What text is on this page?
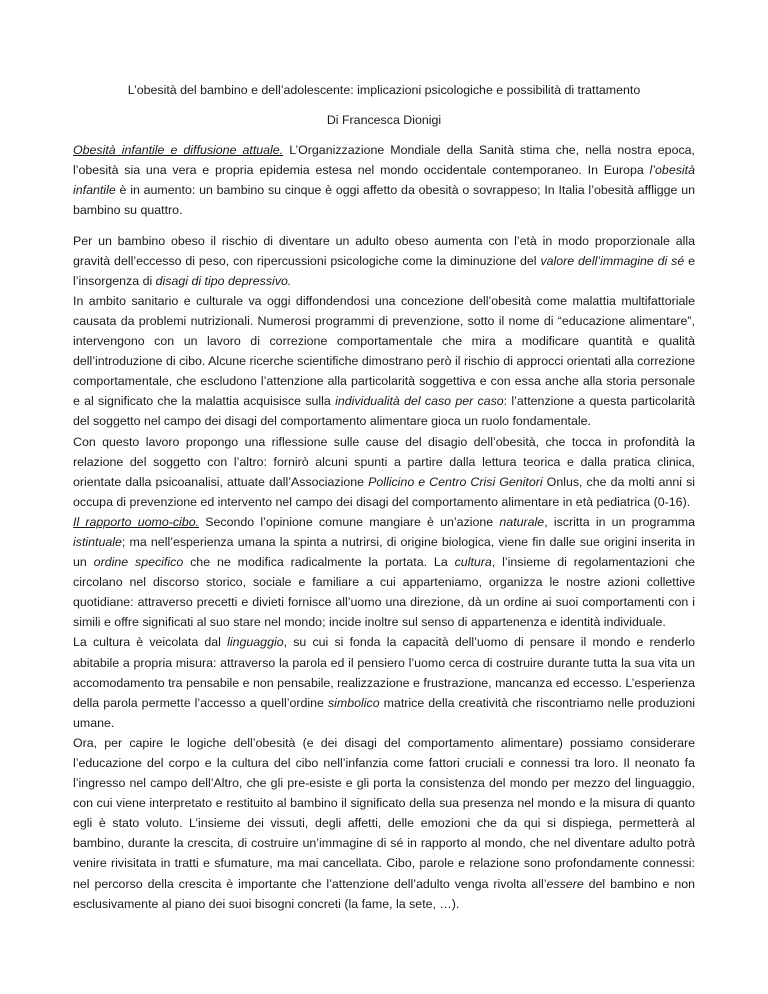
L’obesità del bambino e dell’adolescente: implicazioni psicologiche e possibilità di trattamento

Di Francesca Dionigi

Obesità infantile e diffusione attuale. L’Organizzazione Mondiale della Sanità stima che, nella nostra epoca, l’obesità sia una vera e propria epidemia estesa nel mondo occidentale contemporaneo. In Europa l’obesità infantile è in aumento: un bambino su cinque è oggi affetto da obesità o sovrappeso; In Italia l’obesità affligge un bambino su quattro.

Per un bambino obeso il rischio di diventare un adulto obeso aumenta con l’età in modo proporzionale alla gravità dell’eccesso di peso, con ripercussioni psicologiche come la diminuzione del valore dell’immagine di sé e l’insorgenza di disagi di tipo depressivo.

In ambito sanitario e culturale va oggi diffondendosi una concezione dell’obesità come malattia multifattoriale causata da problemi nutrizionali. Numerosi programmi di prevenzione, sotto il nome di “educazione alimentare”, intervengono con un lavoro di correzione comportamentale che mira a modificare quantità e qualità dell’introduzione di cibo. Alcune ricerche scientifiche dimostrano però il rischio di approcci orientati alla correzione comportamentale, che escludono l’attenzione alla particolarità soggettiva e con essa anche alla storia personale e al significato che la malattia acquisisce sulla individualità del caso per caso: l’attenzione a questa particolarità del soggetto nel campo dei disagi del comportamento alimentare gioca un ruolo fondamentale.

Con questo lavoro propongo una riflessione sulle cause del disagio dell’obesità, che tocca in profondità la relazione del soggetto con l’altro: fornirò alcuni spunti a partire dalla lettura teorica e dalla pratica clinica, orientate dalla psicoanalisi, attuate dall’Associazione Pollicino e Centro Crisi Genitori Onlus, che da molti anni si occupa di prevenzione ed intervento nel campo dei disagi del comportamento alimentare in età pediatrica (0-16).

Il rapporto uomo-cibo. Secondo l’opinione comune mangiare è un’azione naturale, iscritta in un programma istintuale; ma nell’esperienza umana la spinta a nutrirsi, di origine biologica, viene fin dalle sue origini inserita in un ordine specifico che ne modifica radicalmente la portata. La cultura, l’insieme di regolamentazioni che circolano nel discorso storico, sociale e familiare a cui apparteniamo, organizza le nostre azioni collettive quotidiane: attraverso precetti e divieti fornisce all’uomo una direzione, dà un ordine ai suoi comportamenti con i simili e offre significati al suo stare nel mondo; incide inoltre sul senso di appartenenza e identità individuale.

La cultura è veicolata dal linguaggio, su cui si fonda la capacità dell’uomo di pensare il mondo e renderlo abitabile a propria misura: attraverso la parola ed il pensiero l’uomo cerca di costruire durante tutta la sua vita un accomodamento tra pensabile e non pensabile, realizzazione e frustrazione, mancanza ed eccesso. L’esperienza della parola permette l’accesso a quell’ordine simbolico matrice della creatività che riscontriamo nelle produzioni umane.

Ora, per capire le logiche dell’obesità (e dei disagi del comportamento alimentare) possiamo considerare l’educazione del corpo e la cultura del cibo nell’infanzia come fattori cruciali e connessi tra loro. Il neonato fa l’ingresso nel campo dell’Altro, che gli pre-esiste e gli porta la consistenza del mondo per mezzo del linguaggio, con cui viene interpretato e restituito al bambino il significato della sua presenza nel mondo e la misura di quanto egli è stato voluto. L’insieme dei vissuti, degli affetti, delle emozioni che da qui si dispiega, permetterà al bambino, durante la crescita, di costruire un’immagine di sé in rapporto al mondo, che nel diventare adulto potrà venire rivisitata in tratti e sfumature, ma mai cancellata. Cibo, parole e relazione sono profondamente connessi: nel percorso della crescita è importante che l’attenzione dell’adulto venga rivolta all’essere del bambino e non esclusivamente al piano dei suoi bisogni concreti (la fame, la sete, …).
